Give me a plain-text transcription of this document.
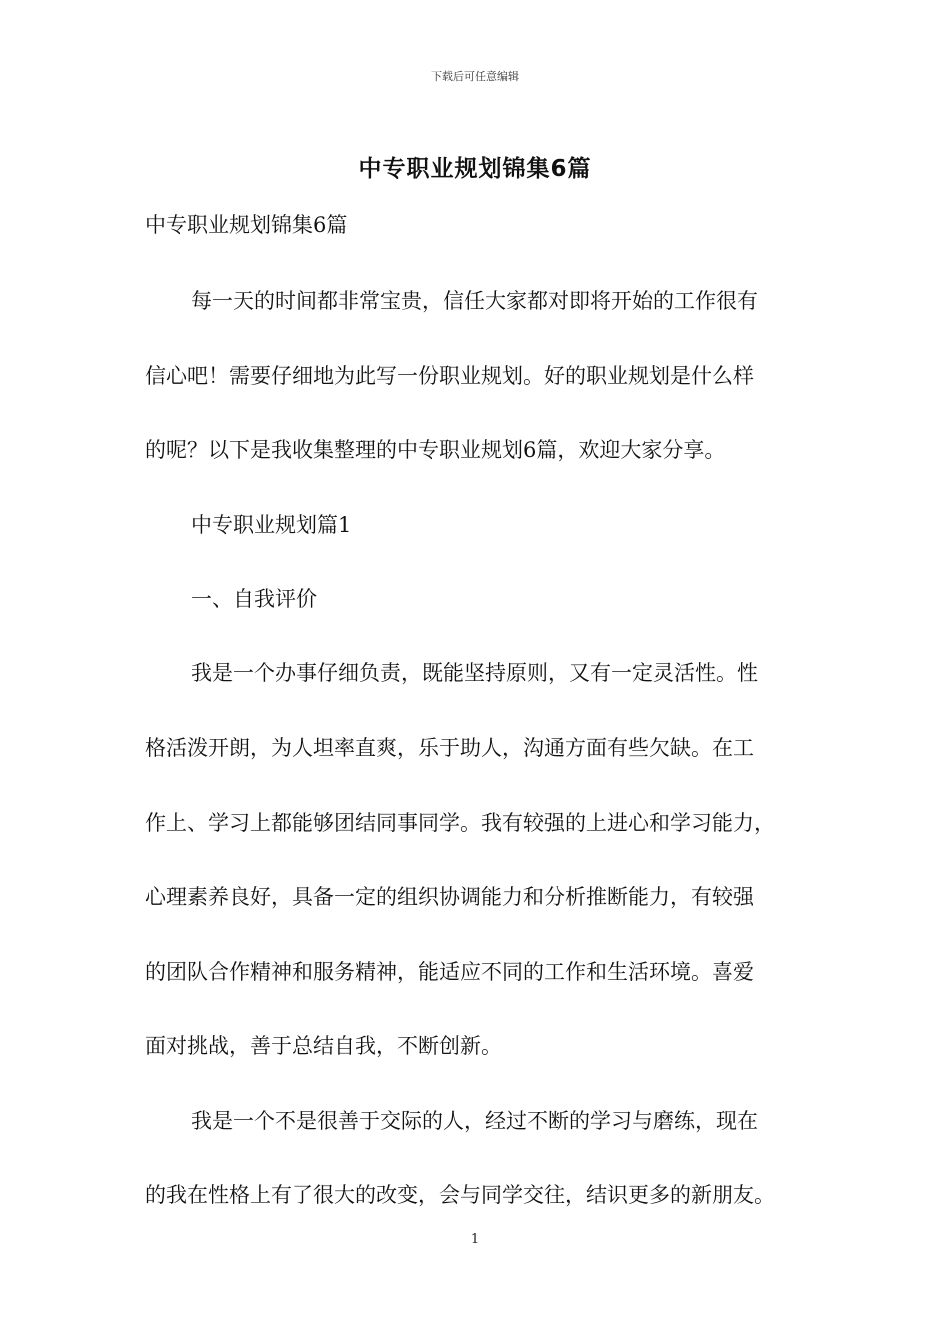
下载后可任意编辑
中专职业规划锦集6篇
中专职业规划锦集6篇
每一天的时间都非常宝贵，信任大家都对即将开始的工作很有
信心吧！需要仔细地为此写一份职业规划。好的职业规划是什么样
的呢？以下是我收集整理的中专职业规划6篇，欢迎大家分享。
中专职业规划篇1
一、自我评价
我是一个办事仔细负责，既能坚持原则，又有一定灵活性。性
格活泼开朗，为人坦率直爽，乐于助人，沟通方面有些欠缺。在工
作上、学习上都能够团结同事同学。我有较强的上进心和学习能力，
心理素养良好，具备一定的组织协调能力和分析推断能力，有较强
的团队合作精神和服务精神，能适应不同的工作和生活环境。喜爱
面对挑战，善于总结自我，不断创新。
我是一个不是很善于交际的人，经过不断的学习与磨练，现在
的我在性格上有了很大的改变，会与同学交往，结识更多的新朋友。
1
